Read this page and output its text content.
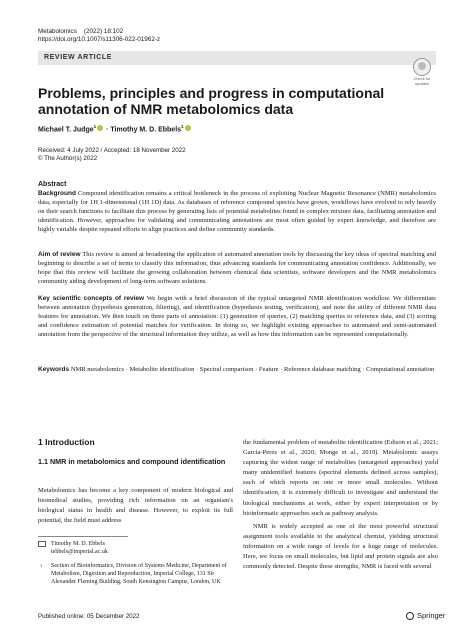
Metabolomics (2022) 18:102
https://doi.org/10.1007/s11306-022-01962-z
REVIEW ARTICLE
Check for updates
Problems, principles and progress in computational annotation of NMR metabolomics data
Michael T. Judge$^1$ · Timothy M. D. Ebbels$^1$
Received: 4 July 2022 / Accepted: 18 November 2022
© The Author(s) 2022
Abstract
Background Compound identification remains a critical bottleneck in the process of exploiting Nuclear Magnetic Resonance (NMR) metabolomics data, especially for 1H 1-dimensional (1H 1D) data. As databases of reference compound spectra have grown, workflows have evolved to rely heavily on their search functions to facilitate this process by generating lists of potential metabolites found in complex mixture data, facilitating annotation and identification. However, approaches for validating and communicating annotations are most often guided by expert knowledge, and therefore are highly variable despite repeated efforts to align practices and define community standards.
Aim of review This review is aimed at broadening the application of automated annotation tools by discussing the key ideas of spectral matching and beginning to describe a set of terms to classify this information, thus advancing standards for communicating annotation confidence. Additionally, we hope that this review will facilitate the growing collaboration between chemical data scientists, software developers and the NMR metabolomics community aiding development of long-term software solutions.
Key scientific concepts of review We begin with a brief discussion of the typical untargeted NMR identification workflow. We differentiate between annotation (hypothesis generation, filtering), and identification (hypothesis testing, verification), and note the utility of different NMR data features for annotation. We then touch on three parts of annotation: (1) generation of queries, (2) matching queries to reference data, and (3) scoring and confidence estimation of potential matches for verification. In doing so, we highlight existing approaches to automated and semi-automated annotation from the perspective of the structural information they utilize, as well as how this information can be represented computationally.
Keywords NMR metabolomics · Metabolite identification · Spectral comparison · Feature · Reference database matching · Computational annotation
1 Introduction
1.1 NMR in metabolomics and compound identification
Metabolomics has become a key component of modern biological and biomedical studies, providing rich information on an organism's biological status in health and disease. However, to exploit its full potential, the field must address
the fundamental problem of metabolite identification (Edison et al., 2021; Garcia-Perez et al., 2020; Monge et al., 2019). Metabolomic assays capturing the widest range of metabolites (untargeted approaches) yield many unidentified features (spectral elements defined across samples), each of which reports on one or more small molecules. Without identification, it is extremely difficult to investigate and understand the biological mechanisms at work, either by expert interpretation or by bioinformatic approaches such as pathway analysis.
NMR is widely accepted as one of the most powerful structural assignment tools available to the analytical chemist, yielding structural information on a wide range of levels for a huge range of molecules. Here, we focus on small molecules, but lipid and protein signals are also commonly detected. Despite these strengths, NMR is faced with several
Timothy M. D. Ebbels
tebbels@imperial.ac.uk
1 Section of Bioinformatics, Division of Systems Medicine, Department of Metabolism, Digestion and Reproduction, Imperial College, 131 Sir Alexander Fleming Building, South Kensington Campus, London, UK
Published online: 05 December 2022	Springer
